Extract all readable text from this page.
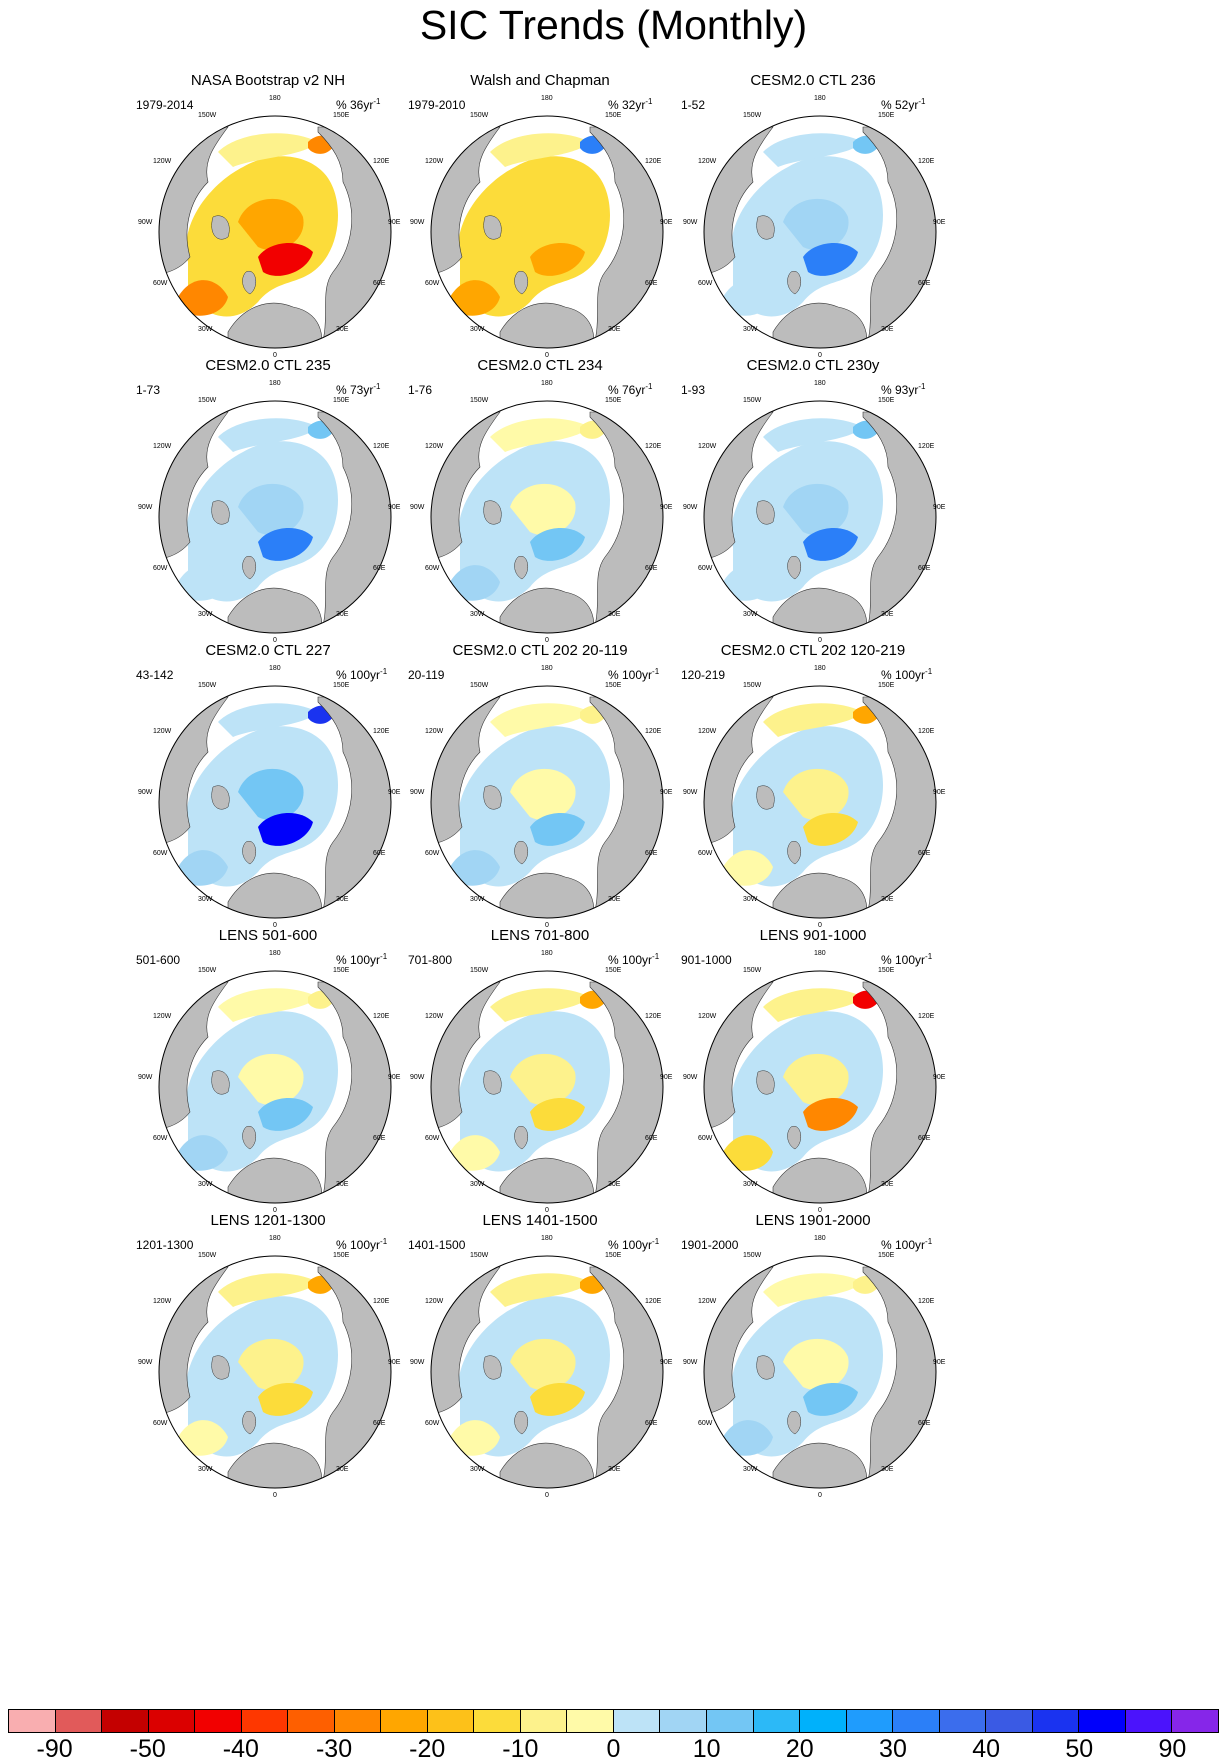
SIC Trends (Monthly)
NASA Bootstrap v2 NH
1979-2014	% $36yr^{-1}$
180
0
150W	150E
120W	120E
90W	90E
60W	60E
30W	30E
Walsh and Chapman
1979-2010	% $32yr^{-1}$
180
0
150W	150E
120W	120E
90W	90E
60W	60E
30W	30E
CESM2.0 CTL 236
1-52	% $52yr^{-1}$
180
0
150W	150E
120W	120E
90W	90E
60W	60E
30W	30E
CESM2.0 CTL 235
1-73	% $73yr^{-1}$
180
0
150W	150E
120W	120E
90W	90E
60W	60E
30W	30E
CESM2.0 CTL 234
1-76	% $76yr^{-1}$
180
0
150W	150E
120W	120E
90W	90E
60W	60E
30W	30E
CESM2.0 CTL 230y
1-93	% $93yr^{-1}$
180
0
150W	150E
120W	120E
90W	90E
60W	60E
30W	30E
CESM2.0 CTL 227
43-142	% $100yr^{-1}$
180
0
150W	150E
120W	120E
90W	90E
60W	60E
30W	30E
CESM2.0 CTL 202 20-119
20-119	% $100yr^{-1}$
180
0
150W	150E
120W	120E
90W	90E
60W	60E
30W	30E
CESM2.0 CTL 202 120-219
120-219	% $100yr^{-1}$
180
0
150W	150E
120W	120E
90W	90E
60W	60E
30W	30E
LENS 501-600
501-600	% $100yr^{-1}$
180
0
150W	150E
120W	120E
90W	90E
60W	60E
30W	30E
LENS 701-800
701-800	% $100yr^{-1}$
180
0
150W	150E
120W	120E
90W	90E
60W	60E
30W	30E
LENS 901-1000
901-1000	% $100yr^{-1}$
180
0
150W	150E
120W	120E
90W	90E
60W	60E
30W	30E
LENS 1201-1300
1201-1300	% $100yr^{-1}$
180
0
150W	150E
120W	120E
90W	90E
60W	60E
30W	30E
LENS 1401-1500
1401-1500	% $100yr^{-1}$
180
0
150W	150E
120W	120E
90W	90E
60W	60E
30W	30E
LENS 1901-2000
1901-2000	% $100yr^{-1}$
180
0
150W	150E
120W	120E
90W	90E
60W	60E
30W	30E
-90 -50 -40 -30 -20 -10	0	10	20	30	40	50	90
